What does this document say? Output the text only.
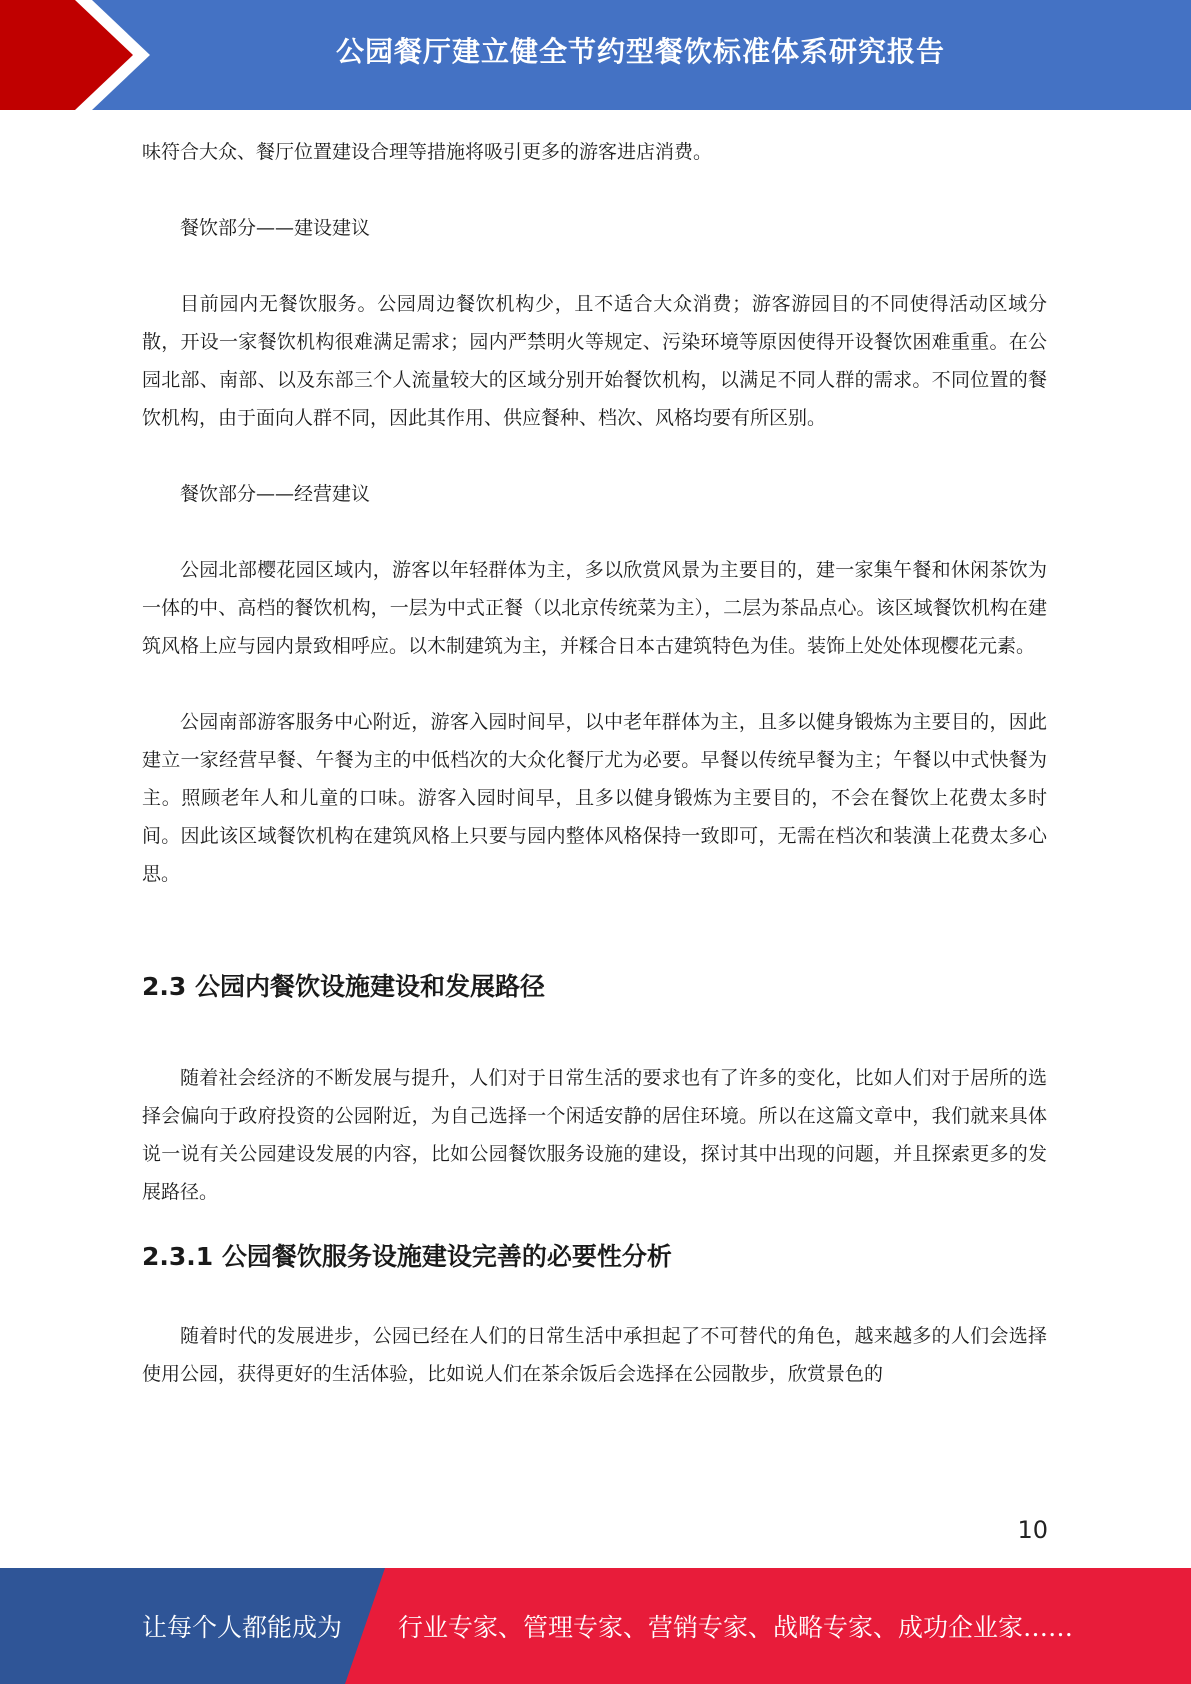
公园餐厅建立健全节约型餐饮标准体系研究报告

味符合大众、餐厅位置建设合理等措施将吸引更多的游客进店消费。

餐饮部分——建设建议

目前园内无餐饮服务。公园周边餐饮机构少，且不适合大众消费；游客游园目的不同使得活动区域分散，开设一家餐饮机构很难满足需求；园内严禁明火等规定、污染环境等原因使得开设餐饮困难重重。在公园北部、南部、以及东部三个人流量较大的区域分别开始餐饮机构，以满足不同人群的需求。不同位置的餐饮机构，由于面向人群不同，因此其作用、供应餐种、档次、风格均要有所区别。

餐饮部分——经营建议

公园北部樱花园区域内，游客以年轻群体为主，多以欣赏风景为主要目的，建一家集午餐和休闲茶饮为一体的中、高档的餐饮机构，一层为中式正餐（以北京传统菜为主），二层为茶品点心。该区域餐饮机构在建筑风格上应与园内景致相呼应。以木制建筑为主，并糅合日本古建筑特色为佳。装饰上处处体现樱花元素。

公园南部游客服务中心附近，游客入园时间早，以中老年群体为主，且多以健身锻炼为主要目的，因此建立一家经营早餐、午餐为主的中低档次的大众化餐厅尤为必要。早餐以传统早餐为主；午餐以中式快餐为主。照顾老年人和儿童的口味。游客入园时间早，且多以健身锻炼为主要目的，不会在餐饮上花费太多时间。因此该区域餐饮机构在建筑风格上只要与园内整体风格保持一致即可，无需在档次和装潢上花费太多心思。

2.3 公园内餐饮设施建设和发展路径

随着社会经济的不断发展与提升，人们对于日常生活的要求也有了许多的变化，比如人们对于居所的选择会偏向于政府投资的公园附近，为自己选择一个闲适安静的居住环境。所以在这篇文章中，我们就来具体说一说有关公园建设发展的内容，比如公园餐饮服务设施的建设，探讨其中出现的问题，并且探索更多的发展路径。

2.3.1 公园餐饮服务设施建设完善的必要性分析

随着时代的发展进步，公园已经在人们的日常生活中承担起了不可替代的角色，越来越多的人们会选择使用公园，获得更好的生活体验，比如说人们在茶余饭后会选择在公园散步，欣赏景色的

10
让每个人都能成为 行业专家、管理专家、营销专家、战略专家、成功企业家……
